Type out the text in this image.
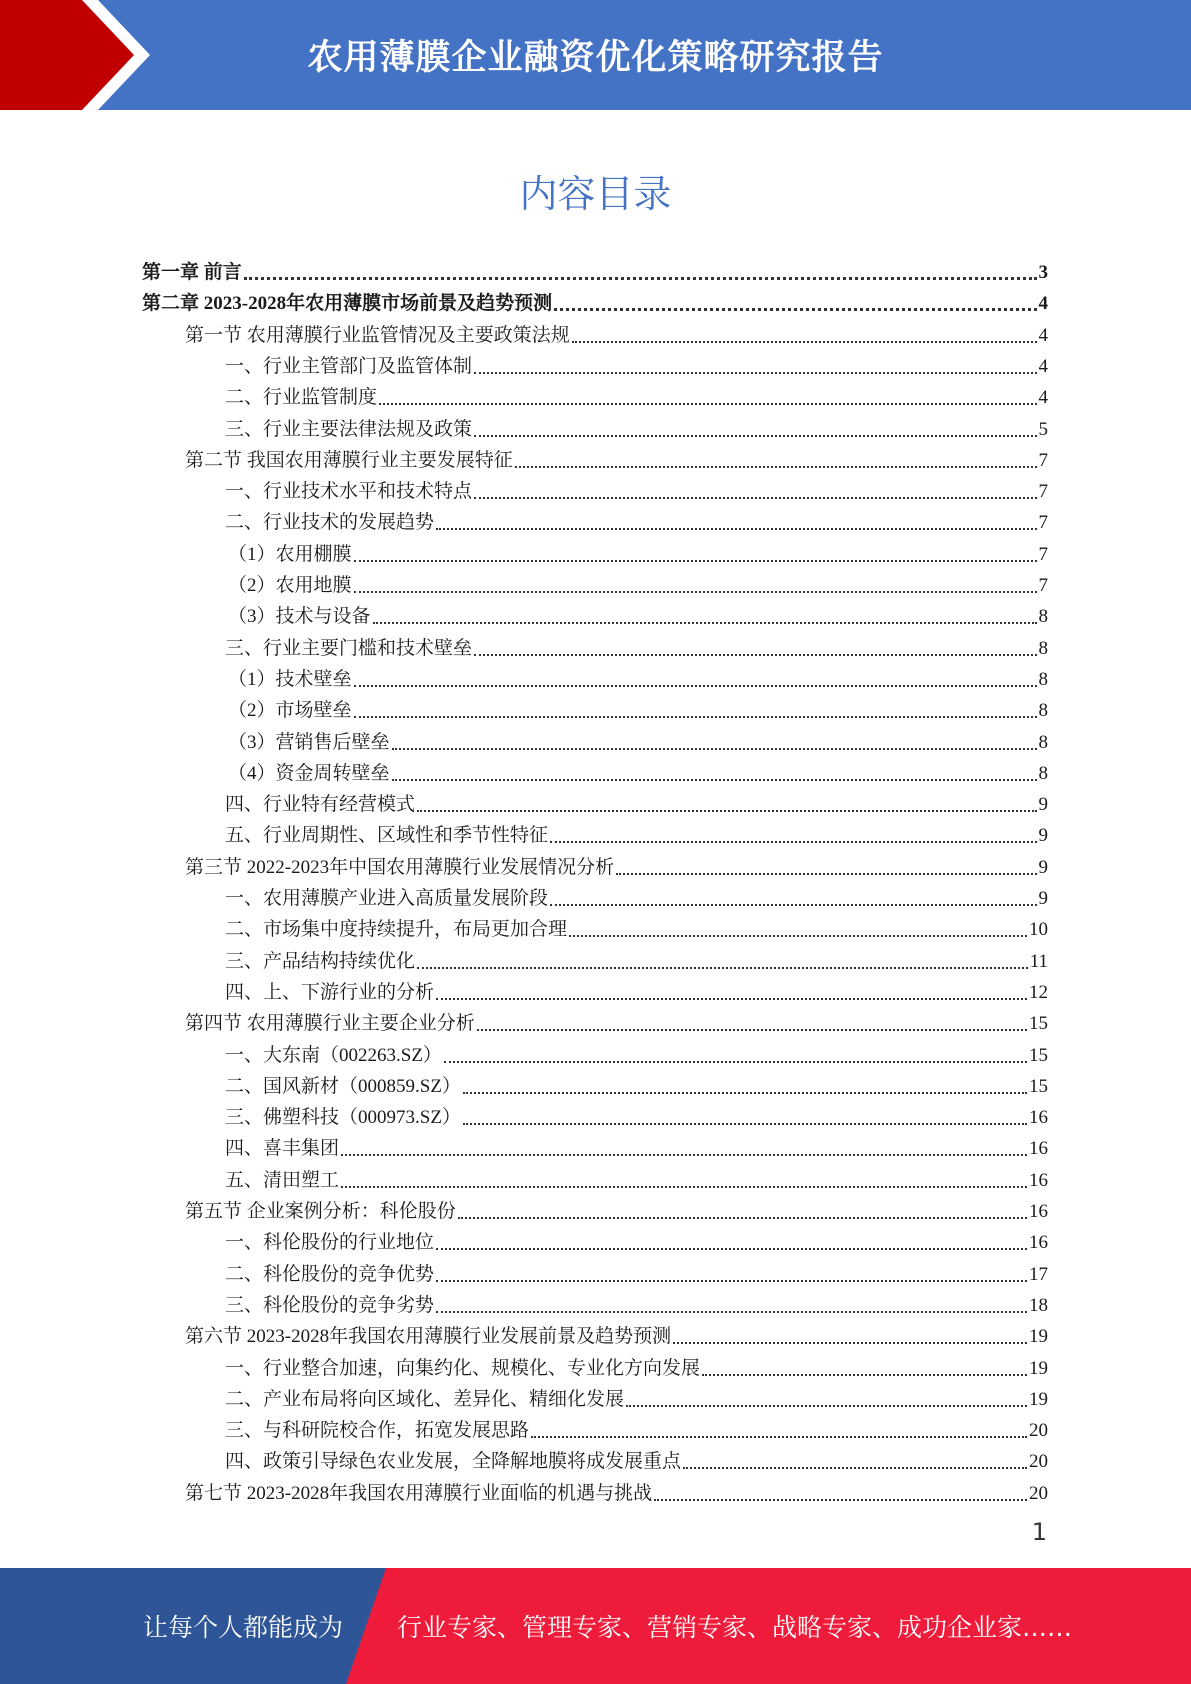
农用薄膜企业融资优化策略研究报告
内容目录
第一章 前言	3
第二章 2023-2028年农用薄膜市场前景及趋势预测	4
第一节 农用薄膜行业监管情况及主要政策法规	4
一、行业主管部门及监管体制	4
二、行业监管制度	4
三、行业主要法律法规及政策	5
第二节 我国农用薄膜行业主要发展特征	7
一、行业技术水平和技术特点	7
二、行业技术的发展趋势	7
（1）农用棚膜	7
（2）农用地膜	7
（3）技术与设备	8
三、行业主要门槛和技术壁垒	8
（1）技术壁垒	8
（2）市场壁垒	8
（3）营销售后壁垒	8
（4）资金周转壁垒	8
四、行业特有经营模式	9
五、行业周期性、区域性和季节性特征	9
第三节 2022-2023年中国农用薄膜行业发展情况分析	9
一、农用薄膜产业进入高质量发展阶段	9
二、市场集中度持续提升，布局更加合理	10
三、产品结构持续优化	11
四、上、下游行业的分析	12
第四节 农用薄膜行业主要企业分析	15
一、大东南（002263.SZ）	15
二、国风新材（000859.SZ）	15
三、佛塑科技（000973.SZ）	16
四、喜丰集团	16
五、清田塑工	16
第五节 企业案例分析：科伦股份	16
一、科伦股份的行业地位	16
二、科伦股份的竞争优势	17
三、科伦股份的竞争劣势	18
第六节 2023-2028年我国农用薄膜行业发展前景及趋势预测	19
一、行业整合加速，向集约化、规模化、专业化方向发展	19
二、产业布局将向区域化、差异化、精细化发展	19
三、与科研院校合作，拓宽发展思路	20
四、政策引导绿色农业发展，全降解地膜将成发展重点	20
第七节 2023-2028年我国农用薄膜行业面临的机遇与挑战	20
1
让每个人都能成为 行业专家、管理专家、营销专家、战略专家、成功企业家……
